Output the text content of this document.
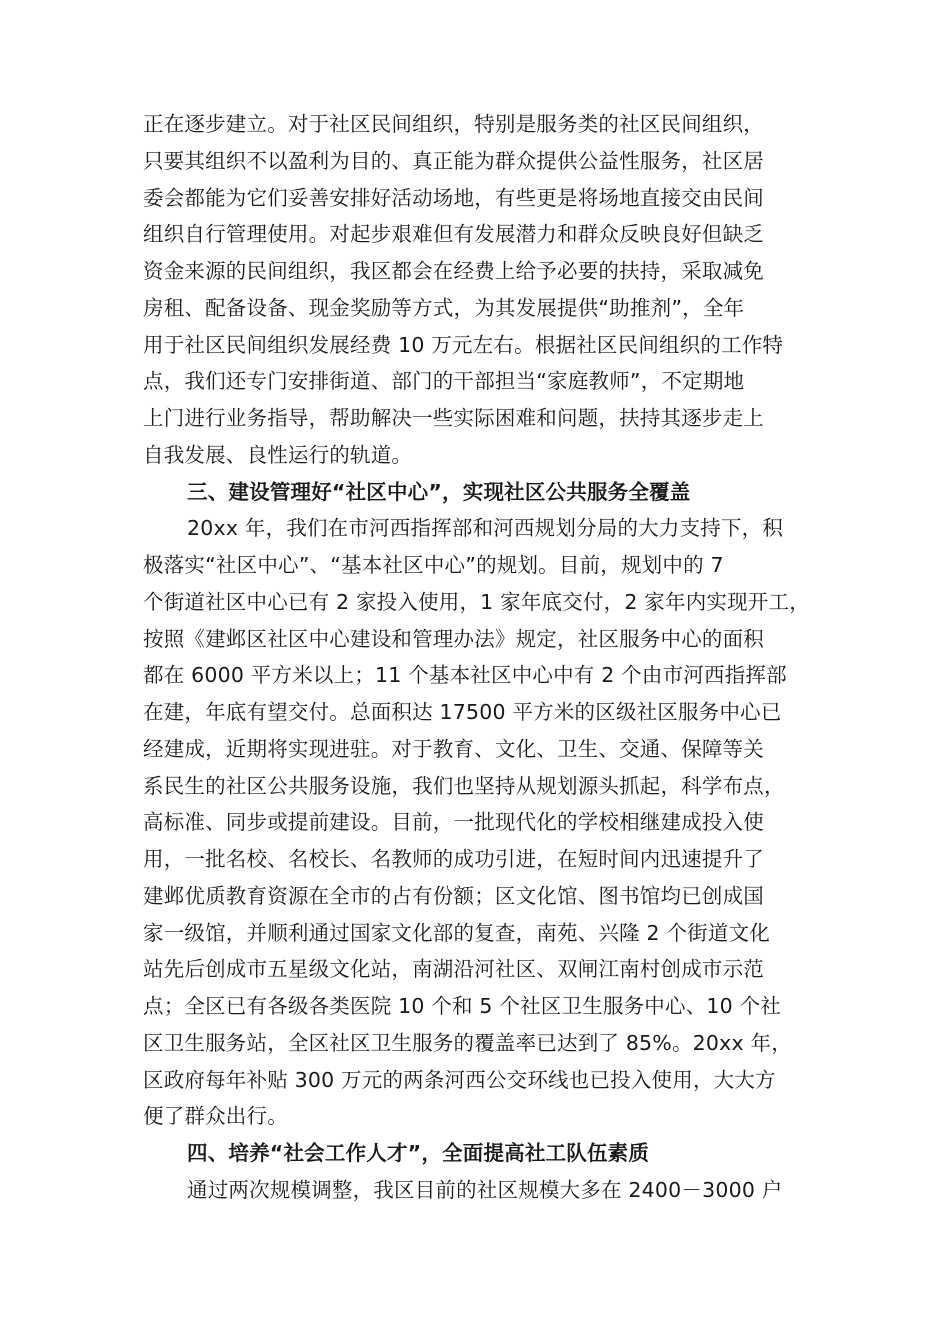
正在逐步建立。对于社区民间组织，特别是服务类的社区民间组织，
只要其组织不以盈利为目的、真正能为群众提供公益性服务，社区居
委会都能为它们妥善安排好活动场地，有些更是将场地直接交由民间
组织自行管理使用。对起步艰难但有发展潜力和群众反映良好但缺乏
资金来源的民间组织，我区都会在经费上给予必要的扶持，采取减免
房租、配备设备、现金奖励等方式，为其发展提供“助推剂”，全年
用于社区民间组织发展经费 10 万元左右。根据社区民间组织的工作特
点，我们还专门安排街道、部门的干部担当“家庭教师”，不定期地
上门进行业务指导，帮助解决一些实际困难和问题，扶持其逐步走上
自我发展、良性运行的轨道。
三、建设管理好“社区中心”，实现社区公共服务全覆盖
20xx 年，我们在市河西指挥部和河西规划分局的大力支持下，积
极落实“社区中心”、“基本社区中心”的规划。目前，规划中的 7
个街道社区中心已有 2 家投入使用，1 家年底交付，2 家年内实现开工，
按照《建邺区社区中心建设和管理办法》规定，社区服务中心的面积
都在 6000 平方米以上；11 个基本社区中心中有 2 个由市河西指挥部
在建，年底有望交付。总面积达 17500 平方米的区级社区服务中心已
经建成，近期将实现进驻。对于教育、文化、卫生、交通、保障等关
系民生的社区公共服务设施，我们也坚持从规划源头抓起，科学布点，
高标准、同步或提前建设。目前，一批现代化的学校相继建成投入使
用，一批名校、名校长、名教师的成功引进，在短时间内迅速提升了
建邺优质教育资源在全市的占有份额；区文化馆、图书馆均已创成国
家一级馆，并顺利通过国家文化部的复查，南苑、兴隆 2 个街道文化
站先后创成市五星级文化站，南湖沿河社区、双闸江南村创成市示范
点；全区已有各级各类医院 10 个和 5 个社区卫生服务中心、10 个社
区卫生服务站，全区社区卫生服务的覆盖率已达到了 85%。20xx 年，
区政府每年补贴 300 万元的两条河西公交环线也已投入使用，大大方
便了群众出行。
四、培养“社会工作人才”，全面提高社工队伍素质
通过两次规模调整，我区目前的社区规模大多在 2400－3000 户
